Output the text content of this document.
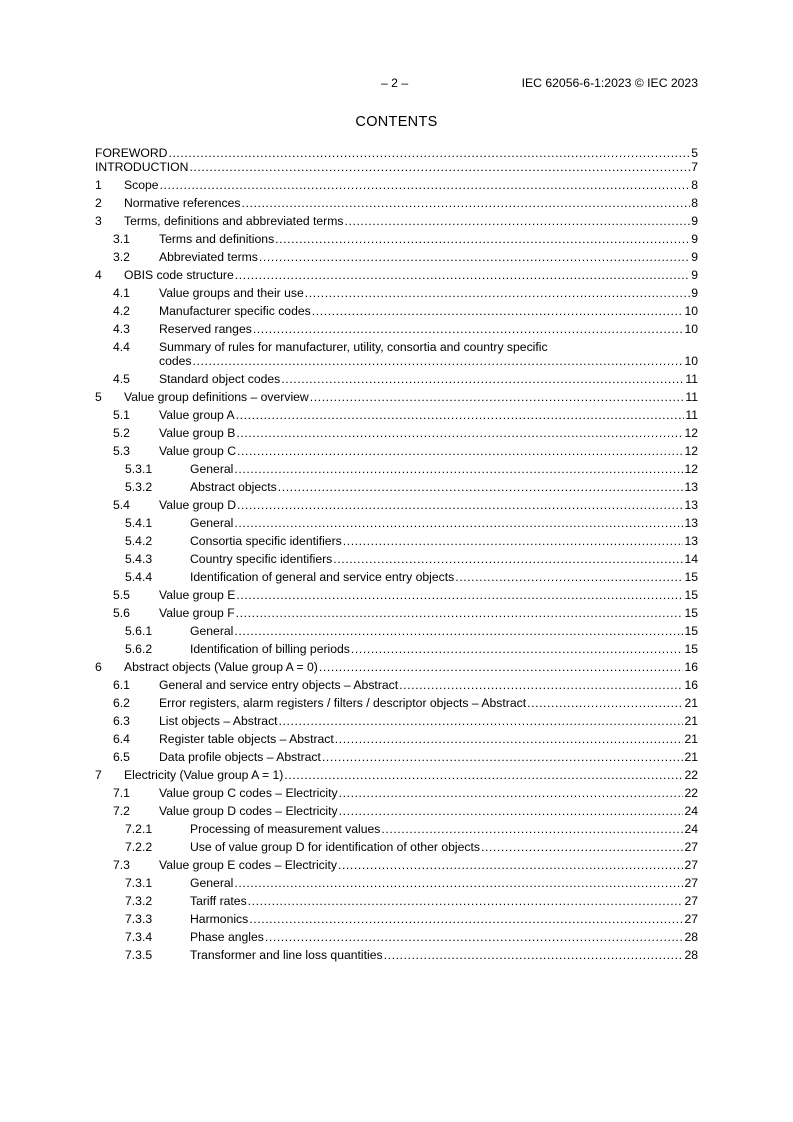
– 2 –	IEC 62056-6-1:2023 © IEC 2023
CONTENTS
FOREWORD .....	5
INTRODUCTION .....	7
1	Scope .....	8
2	Normative references .....	8
3	Terms, definitions and abbreviated terms .....	9
3.1	Terms and definitions .....	9
3.2	Abbreviated terms .....	9
4	OBIS code structure .....	9
4.1	Value groups and their use .....	9
4.2	Manufacturer specific codes .....	10
4.3	Reserved ranges .....	10
4.4	Summary of rules for manufacturer, utility, consortia and country specific
codes .....	10
4.5	Standard object codes .....	11
5	Value group definitions – overview .....	11
5.1	Value group A .....	11
5.2	Value group B .....	12
5.3	Value group C .....	12
5.3.1	General .....	12
5.3.2	Abstract objects .....	13
5.4	Value group D .....	13
5.4.1	General .....	13
5.4.2	Consortia specific identifiers .....	13
5.4.3	Country specific identifiers .....	14
5.4.4	Identification of general and service entry objects .....	15
5.5	Value group E .....	15
5.6	Value group F .....	15
5.6.1	General .....	15
5.6.2	Identification of billing periods .....	15
6	Abstract objects (Value group A = 0) .....	16
6.1	General and service entry objects – Abstract .....	16
6.2	Error registers, alarm registers / filters / descriptor objects – Abstract .....	21
6.3	List objects – Abstract .....	21
6.4	Register table objects – Abstract .....	21
6.5	Data profile objects – Abstract .....	21
7	Electricity (Value group A = 1) .....	22
7.1	Value group C codes – Electricity .....	22
7.2	Value group D codes – Electricity .....	24
7.2.1	Processing of measurement values .....	24
7.2.2	Use of value group D for identification of other objects .....	27
7.3	Value group E codes – Electricity .....	27
7.3.1	General .....	27
7.3.2	Tariff rates .....	27
7.3.3	Harmonics .....	27
7.3.4	Phase angles .....	28
7.3.5	Transformer and line loss quantities .....	28
